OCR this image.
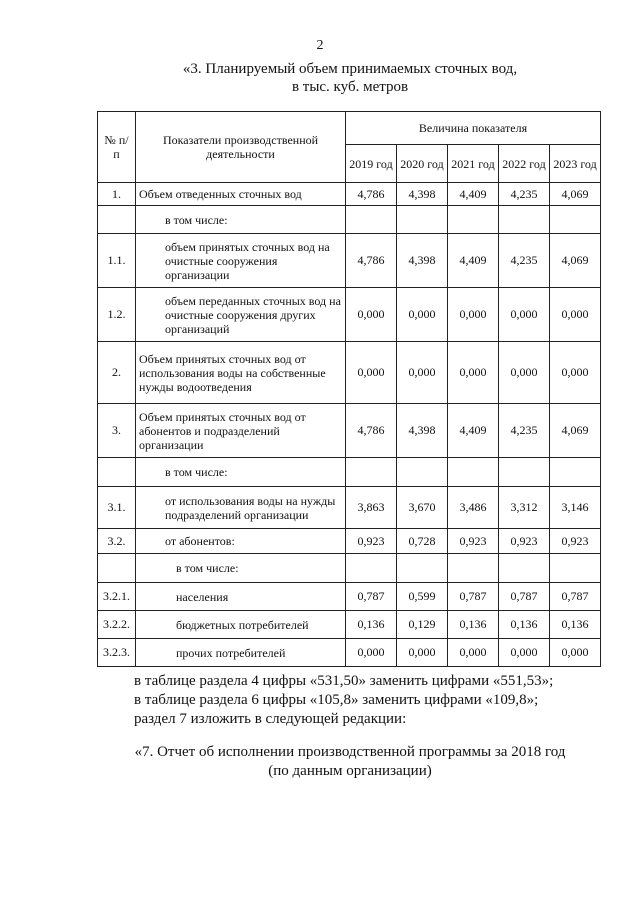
2
«3. Планируемый объем принимаемых сточных вод,
в тыс. куб. метров
№ п/п	Показатели производственной деятельности	Величина показателя				
		2019 год	2020 год	2021 год	2022 год	2023 год
1.	Объем отведенных сточных вод	4,786	4,398	4,409	4,235	4,069
	в том числе:					
1.1.	объем принятых сточных вод на очистные сооружения организации	4,786	4,398	4,409	4,235	4,069
1.2.	объем переданных сточных вод на очистные сооружения других организаций	0,000	0,000	0,000	0,000	0,000
2.	Объем принятых сточных вод от использования воды на собственные нужды водоотведения	0,000	0,000	0,000	0,000	0,000
3.	Объем принятых сточных вод от абонентов и подразделений организации	4,786	4,398	4,409	4,235	4,069
	в том числе:					
3.1.	от использования воды на нужды подразделений организации	3,863	3,670	3,486	3,312	3,146
3.2.	от абонентов:	0,923	0,728	0,923	0,923	0,923
	в том числе:					
3.2.1.	населения	0,787	0,599	0,787	0,787	0,787
3.2.2.	бюджетных потребителей	0,136	0,129	0,136	0,136	0,136
3.2.3.	прочих потребителей	0,000	0,000	0,000	0,000	0,000
в таблице раздела 4 цифры «531,50» заменить цифрами «551,53»;
в таблице раздела 6 цифры «105,8» заменить цифрами «109,8»;
раздел 7 изложить в следующей редакции:
«7. Отчет об исполнении производственной программы за 2018 год
(по данным организации)
